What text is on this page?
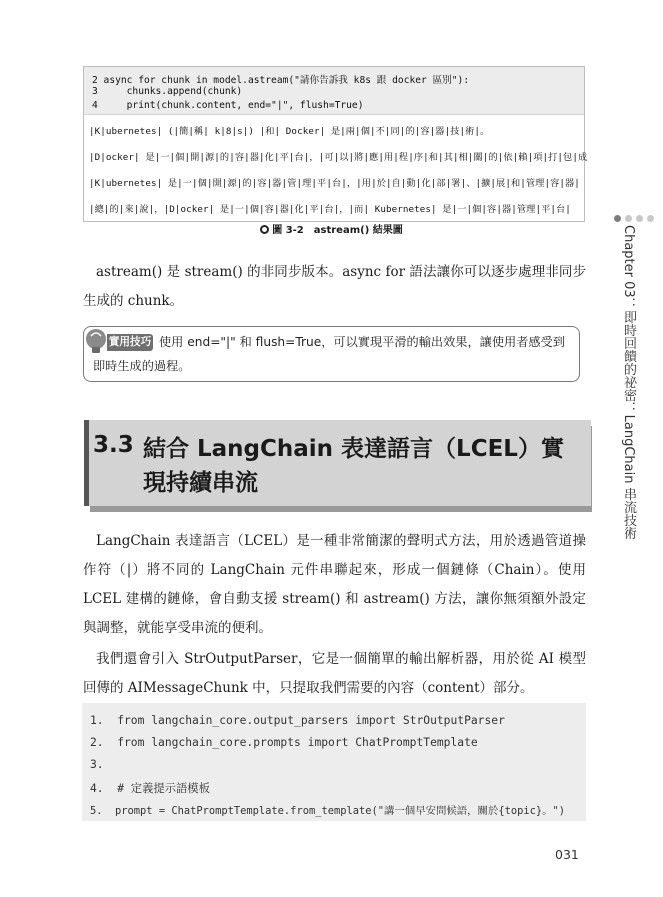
2 async for chunk in model.astream("請你告訴我 k8s 跟 docker 區別"):
3     chunks.append(chunk)
4     print(chunk.content, end="|", flush=True)
|K|ubernetes| (|簡|稱| k|8|s|) |和| Docker| 是|兩|個|不|同|的|容|器|技|術|。
|D|ocker| 是|一|個|開|源|的|容|器|化|平|台|，|可|以|將|應|用|程|序|和|其|相|關|的|依|賴|項|打|包|成
|K|ubernetes| 是|一|個|開|源|的|容|器|管|理|平|台|，|用|於|自|動|化|部|署|、|擴|展|和|管理|容|器|
|總|的|來|說|，|D|ocker| 是|一|個|容|器|化|平|台|，|而| Kubernetes| 是|一|個|容|器|管理|平|台|
圖 3-2　astream() 結果圖

astream() 是 stream() 的非同步版本。async for 語法讓你可以逐步處理非同步生成的 chunk。

實用技巧 使用 end="|" 和 flush=True，可以實現平滑的輸出效果，讓使用者感受到即時生成的過程。
3.3 結合 LangChain 表達語言（LCEL）實現持續串流

LangChain 表達語言（LCEL）是一種非常簡潔的聲明式方法，用於透過管道操作符（|）將不同的 LangChain 元件串聯起來，形成一個鏈條（Chain）。使用 LCEL 建構的鏈條，會自動支援 stream() 和 astream() 方法，讓你無須額外設定與調整，就能享受串流的便利。

我們還會引入 StrOutputParser，它是一個簡單的輸出解析器，用於從 AI 模型回傳的 AIMessageChunk 中，只提取我們需要的內容（content）部分。

1.  from langchain_core.output_parsers import StrOutputParser
2.  from langchain_core.prompts import ChatPromptTemplate
3.
4.  # 定義提示語模板
5.  prompt = ChatPromptTemplate.from_template("講一個早安問候語，關於{topic}。")
Chapter 03：即時回饋的祕密：LangChain 串流技術
031
